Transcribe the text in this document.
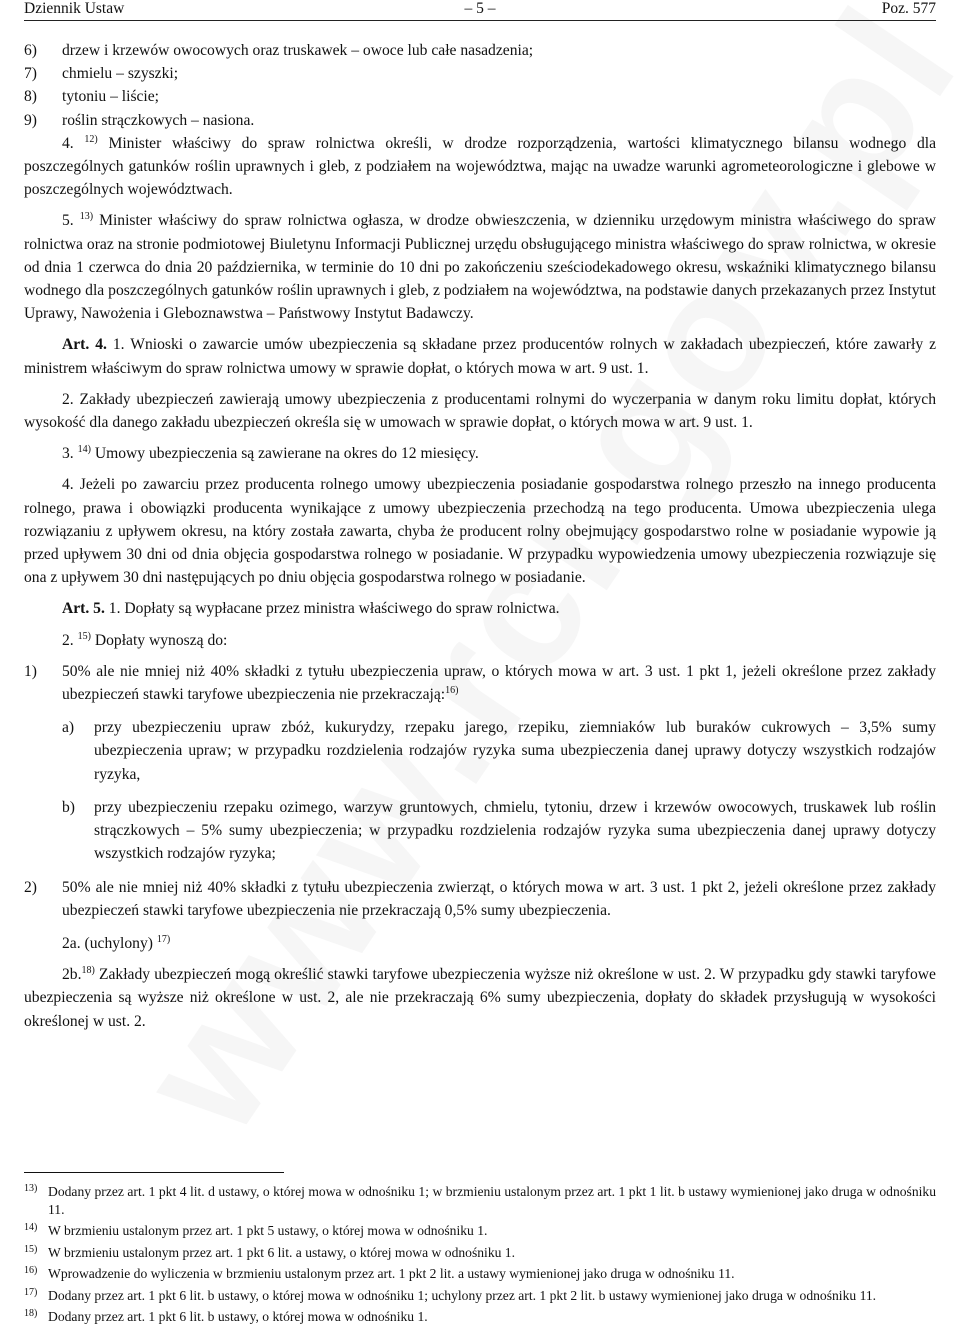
Dziennik Ustaw	– 5 –	Poz. 577

6) drzew i krzewów owocowych oraz truskawek – owoce lub całe nasadzenia;

7) chmielu – szyszki;

8) tytoniu – liście;

9) roślin strączkowych – nasiona.

4. $^{12)}$ Minister właściwy do spraw rolnictwa określi, w drodze rozporządzenia, wartości klimatycznego bilansu wodnego dla poszczególnych gatunków roślin uprawnych i gleb, z podziałem na województwa, mając na uwadze warunki agrometeorologiczne i glebowe w poszczególnych województwach.

5. $^{13)}$ Minister właściwy do spraw rolnictwa ogłasza, w drodze obwieszczenia, w dzienniku urzędowym ministra właściwego do spraw rolnictwa oraz na stronie podmiotowej Biuletynu Informacji Publicznej urzędu obsługującego ministra właściwego do spraw rolnictwa, w okresie od dnia 1 czerwca do dnia 20 października, w terminie do 10 dni po zakończeniu sześciodekadowego okresu, wskaźniki klimatycznego bilansu wodnego dla poszczególnych gatunków roślin uprawnych i gleb, z podziałem na województwa, na podstawie danych przekazanych przez Instytut Uprawy, Nawożenia i Gleboznawstwa – Państwowy Instytut Badawczy.

Art. 4. 1. Wnioski o zawarcie umów ubezpieczenia są składane przez producentów rolnych w zakładach ubezpieczeń, które zawarły z ministrem właściwym do spraw rolnictwa umowy w sprawie dopłat, o których mowa w art. 9 ust. 1.

2. Zakłady ubezpieczeń zawierają umowy ubezpieczenia z producentami rolnymi do wyczerpania w danym roku limitu dopłat, których wysokość dla danego zakładu ubezpieczeń określa się w umowach w sprawie dopłat, o których mowa w art. 9 ust. 1.

3. $^{14)}$ Umowy ubezpieczenia są zawierane na okres do 12 miesięcy.

4. Jeżeli po zawarciu przez producenta rolnego umowy ubezpieczenia posiadanie gospodarstwa rolnego przeszło na innego producenta rolnego, prawa i obowiązki producenta wynikające z umowy ubezpieczenia przechodzą na tego producenta. Umowa ubezpieczenia ulega rozwiązaniu z upływem okresu, na który została zawarta, chyba że producent rolny obejmujący gospodarstwo rolne w posiadanie wypowie ją przed upływem 30 dni od dnia objęcia gospodarstwa rolnego w posiadanie. W przypadku wypowiedzenia umowy ubezpieczenia rozwiązuje się ona z upływem 30 dni następujących po dniu objęcia gospodarstwa rolnego w posiadanie.

Art. 5. 1. Dopłaty są wypłacane przez ministra właściwego do spraw rolnictwa.

2. $^{15)}$ Dopłaty wynoszą do:

1) 50% ale nie mniej niż 40% składki z tytułu ubezpieczenia upraw, o których mowa w art. 3 ust. 1 pkt 1, jeżeli określone przez zakłady ubezpieczeń stawki taryfowe ubezpieczenia nie przekraczają:$^{16)}$

a) przy ubezpieczeniu upraw zbóż, kukurydzy, rzepaku jarego, rzepiku, ziemniaków lub buraków cukrowych – 3,5% sumy ubezpieczenia upraw; w przypadku rozdzielenia rodzajów ryzyka suma ubezpieczenia danej uprawy dotyczy wszystkich rodzajów ryzyka,

b) przy ubezpieczeniu rzepaku ozimego, warzyw gruntowych, chmielu, tytoniu, drzew i krzewów owocowych, truskawek lub roślin strączkowych – 5% sumy ubezpieczenia; w przypadku rozdzielenia rodzajów ryzyka suma ubezpieczenia danej uprawy dotyczy wszystkich rodzajów ryzyka;

2) 50% ale nie mniej niż 40% składki z tytułu ubezpieczenia zwierząt, o których mowa w art. 3 ust. 1 pkt 2, jeżeli określone przez zakłady ubezpieczeń stawki taryfowe ubezpieczenia nie przekraczają 0,5% sumy ubezpieczenia.

2a. (uchylony) $^{17)}$

2b.$^{18)}$ Zakłady ubezpieczeń mogą określić stawki taryfowe ubezpieczenia wyższe niż określone w ust. 2. W przypadku gdy stawki taryfowe ubezpieczenia są wyższe niż określone w ust. 2, ale nie przekraczają 6% sumy ubezpieczenia, dopłaty do składek przysługują w wysokości określonej w ust. 2.

13) Dodany przez art. 1 pkt 4 lit. d ustawy, o której mowa w odnośniku 1; w brzmieniu ustalonym przez art. 1 pkt 1 lit. b ustawy wymienionej jako druga w odnośniku 11.

14) W brzmieniu ustalonym przez art. 1 pkt 5 ustawy, o której mowa w odnośniku 1.

15) W brzmieniu ustalonym przez art. 1 pkt 6 lit. a ustawy, o której mowa w odnośniku 1.

16) Wprowadzenie do wyliczenia w brzmieniu ustalonym przez art. 1 pkt 2 lit. a ustawy wymienionej jako druga w odnośniku 11.

17) Dodany przez art. 1 pkt 6 lit. b ustawy, o której mowa w odnośniku 1; uchylony przez art. 1 pkt 2 lit. b ustawy wymienionej jako druga w odnośniku 11.

18) Dodany przez art. 1 pkt 6 lit. b ustawy, o której mowa w odnośniku 1.
